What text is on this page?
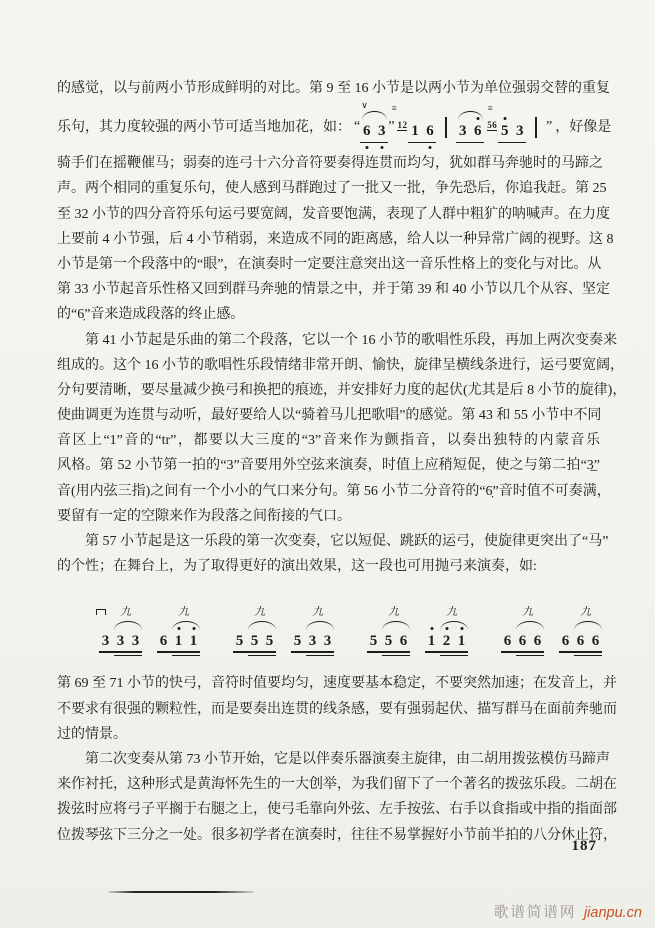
的感觉，以与前两小节形成鲜明的对比。第 9 至 16 小节是以两小节为单位强弱交替的重复
乐句，其力度较强的两小节可适当地加花，如： “ 6 3
∨	≡
” 12 1 6 3 6
≡
56 5 3 ” ，好像是
骑手们在摇鞭催马；弱奏的连弓十六分音符要奏得连贯而均匀，犹如群马奔驰时的马蹄之
声。两个相同的重复乐句，使人感到马群跑过了一批又一批，争先恐后，你追我赶。第 25
至 32 小节的四分音符乐句运弓要宽阔，发音要饱满，表现了人群中粗犷的呐喊声。在力度
上要前 4 小节强，后 4 小节稍弱，来造成不同的距离感，给人以一种异常广阔的视野。这 8
小节是第一个段落中的“眼”，在演奏时一定要注意突出这一音乐性格上的变化与对比。从
第 33 小节起音乐性格又回到群马奔驰的情景之中，并于第 39 和 40 小节以几个从容、坚定
的“6̣”音来造成段落的终止感。
第 41 小节起是乐曲的第二个段落，它以一个 16 小节的歌唱性乐段，再加上两次变奏来
组成的。这个 16 小节的歌唱性乐段情绪非常开朗、愉快，旋律呈横线条进行，运弓要宽阔，
分句要清晰，要尽量减少换弓和换把的痕迹，并安排好力度的起伏(尤其是后 8 小节的旋律)，
使曲调更为连贯与动听，最好要给人以“骑着马儿把歌唱”的感觉。第 43 和 55 小节中不同
音区上“1”音的“tr”，都要以大三度的“3”音来作为颤指音，以奏出独特的内蒙音乐
风格。第 52 小节第一拍的“3”音要用外空弦来演奏，时值上应稍短促，使之与第二拍“3̲”
音(用内弦三指)之间有一个小小的气口来分句。第 56 小节二分音符的“6̣”音时值不可奏满，
要留有一定的空隙来作为段落之间衔接的气口。
第 57 小节起是这一乐段的第一次变奏，它以短促、跳跃的运弓，使旋律更突出了“马”
的个性；在舞台上，为了取得更好的演出效果，这一段也可用抛弓来演奏，如:
3 3 3
九
6 1 1
九
5 5 5
九
5 3 3
九
5 5 6
九
1 2 1
九
6 6 6
九
6 6 6
九
第 69 至 71 小节的快弓，音符时值要均匀，速度要基本稳定，不要突然加速；在发音上，并
不要求有很强的颗粒性，而是要奏出连贯的线条感，要有强弱起伏、描写群马在面前奔驰而
过的情景。
第二次变奏从第 73 小节开始，它是以伴奏乐器演奏主旋律，由二胡用拨弦模仿马蹄声
来作衬托，这种形式是黄海怀先生的一大创举，为我们留下了一个著名的拨弦乐段。二胡在
拨弦时应将弓子平搁于右腿之上，使弓毛靠向外弦、左手按弦、右手以食指或中指的指面部
位拨琴弦下三分之一处。很多初学者在演奏时，往往不易掌握好小节前半拍的八分休止符，
187
歌谱简谱网 jianpu.cn
